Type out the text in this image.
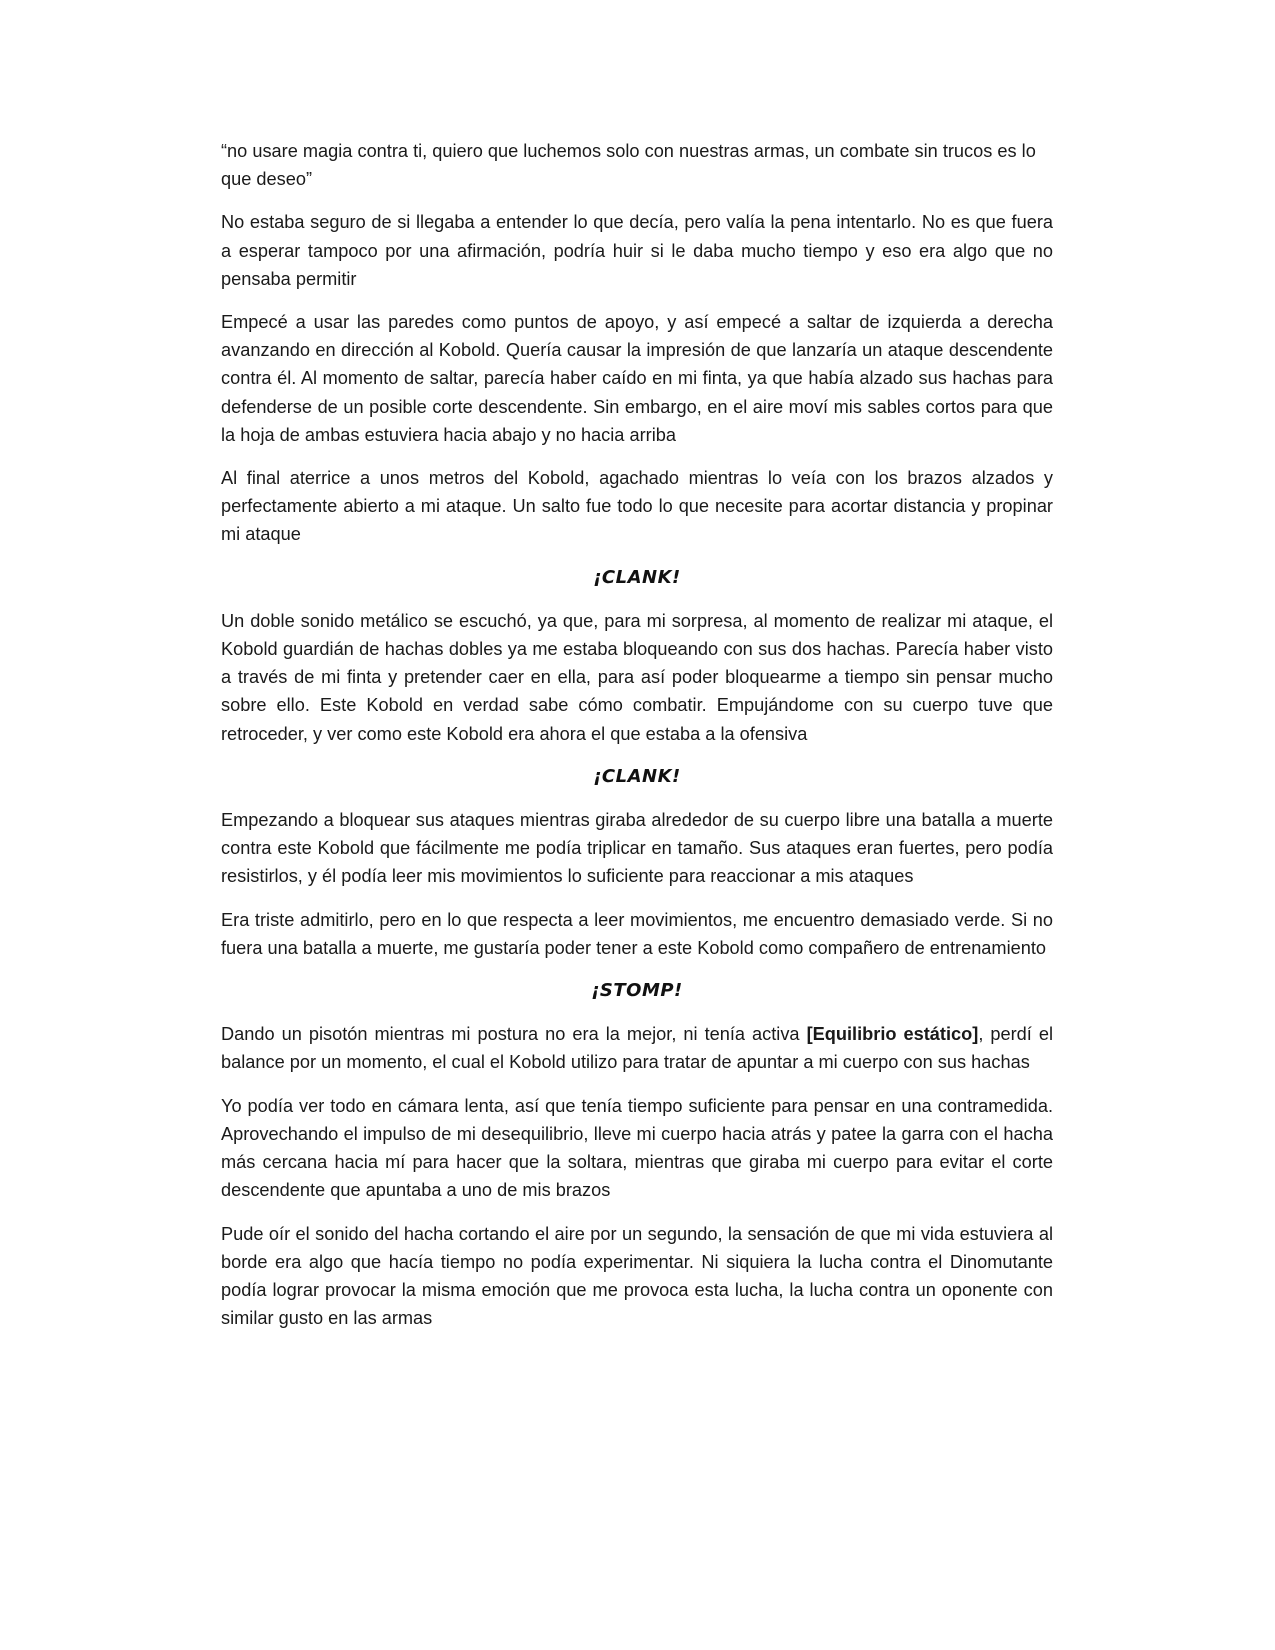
“no usare magia contra ti, quiero que luchemos solo con nuestras armas, un combate sin trucos es lo que deseo”

No estaba seguro de si llegaba a entender lo que decía, pero valía la pena intentarlo. No es que fuera a esperar tampoco por una afirmación, podría huir si le daba mucho tiempo y eso era algo que no pensaba permitir

Empecé a usar las paredes como puntos de apoyo, y así empecé a saltar de izquierda a derecha avanzando en dirección al Kobold. Quería causar la impresión de que lanzaría un ataque descendente contra él. Al momento de saltar, parecía haber caído en mi finta, ya que había alzado sus hachas para defenderse de un posible corte descendente. Sin embargo, en el aire moví mis sables cortos para que la hoja de ambas estuviera hacia abajo y no hacia arriba

Al final aterrice a unos metros del Kobold, agachado mientras lo veía con los brazos alzados y perfectamente abierto a mi ataque. Un salto fue todo lo que necesite para acortar distancia y propinar mi ataque

¡CLANK!

Un doble sonido metálico se escuchó, ya que, para mi sorpresa, al momento de realizar mi ataque, el Kobold guardián de hachas dobles ya me estaba bloqueando con sus dos hachas. Parecía haber visto a través de mi finta y pretender caer en ella, para así poder bloquearme a tiempo sin pensar mucho sobre ello. Este Kobold en verdad sabe cómo combatir. Empujándome con su cuerpo tuve que retroceder, y ver como este Kobold era ahora el que estaba a la ofensiva

¡CLANK!

Empezando a bloquear sus ataques mientras giraba alrededor de su cuerpo libre una batalla a muerte contra este Kobold que fácilmente me podía triplicar en tamaño. Sus ataques eran fuertes, pero podía resistirlos, y él podía leer mis movimientos lo suficiente para reaccionar a mis ataques

Era triste admitirlo, pero en lo que respecta a leer movimientos, me encuentro demasiado verde. Si no fuera una batalla a muerte, me gustaría poder tener a este Kobold como compañero de entrenamiento

¡STOMP!

Dando un pisotón mientras mi postura no era la mejor, ni tenía activa [Equilibrio estático], perdí el balance por un momento, el cual el Kobold utilizo para tratar de apuntar a mi cuerpo con sus hachas

Yo podía ver todo en cámara lenta, así que tenía tiempo suficiente para pensar en una contramedida. Aprovechando el impulso de mi desequilibrio, lleve mi cuerpo hacia atrás y patee la garra con el hacha más cercana hacia mí para hacer que la soltara, mientras que giraba mi cuerpo para evitar el corte descendente que apuntaba a uno de mis brazos

Pude oír el sonido del hacha cortando el aire por un segundo, la sensación de que mi vida estuviera al borde era algo que hacía tiempo no podía experimentar. Ni siquiera la lucha contra el Dinomutante podía lograr provocar la misma emoción que me provoca esta lucha, la lucha contra un oponente con similar gusto en las armas
